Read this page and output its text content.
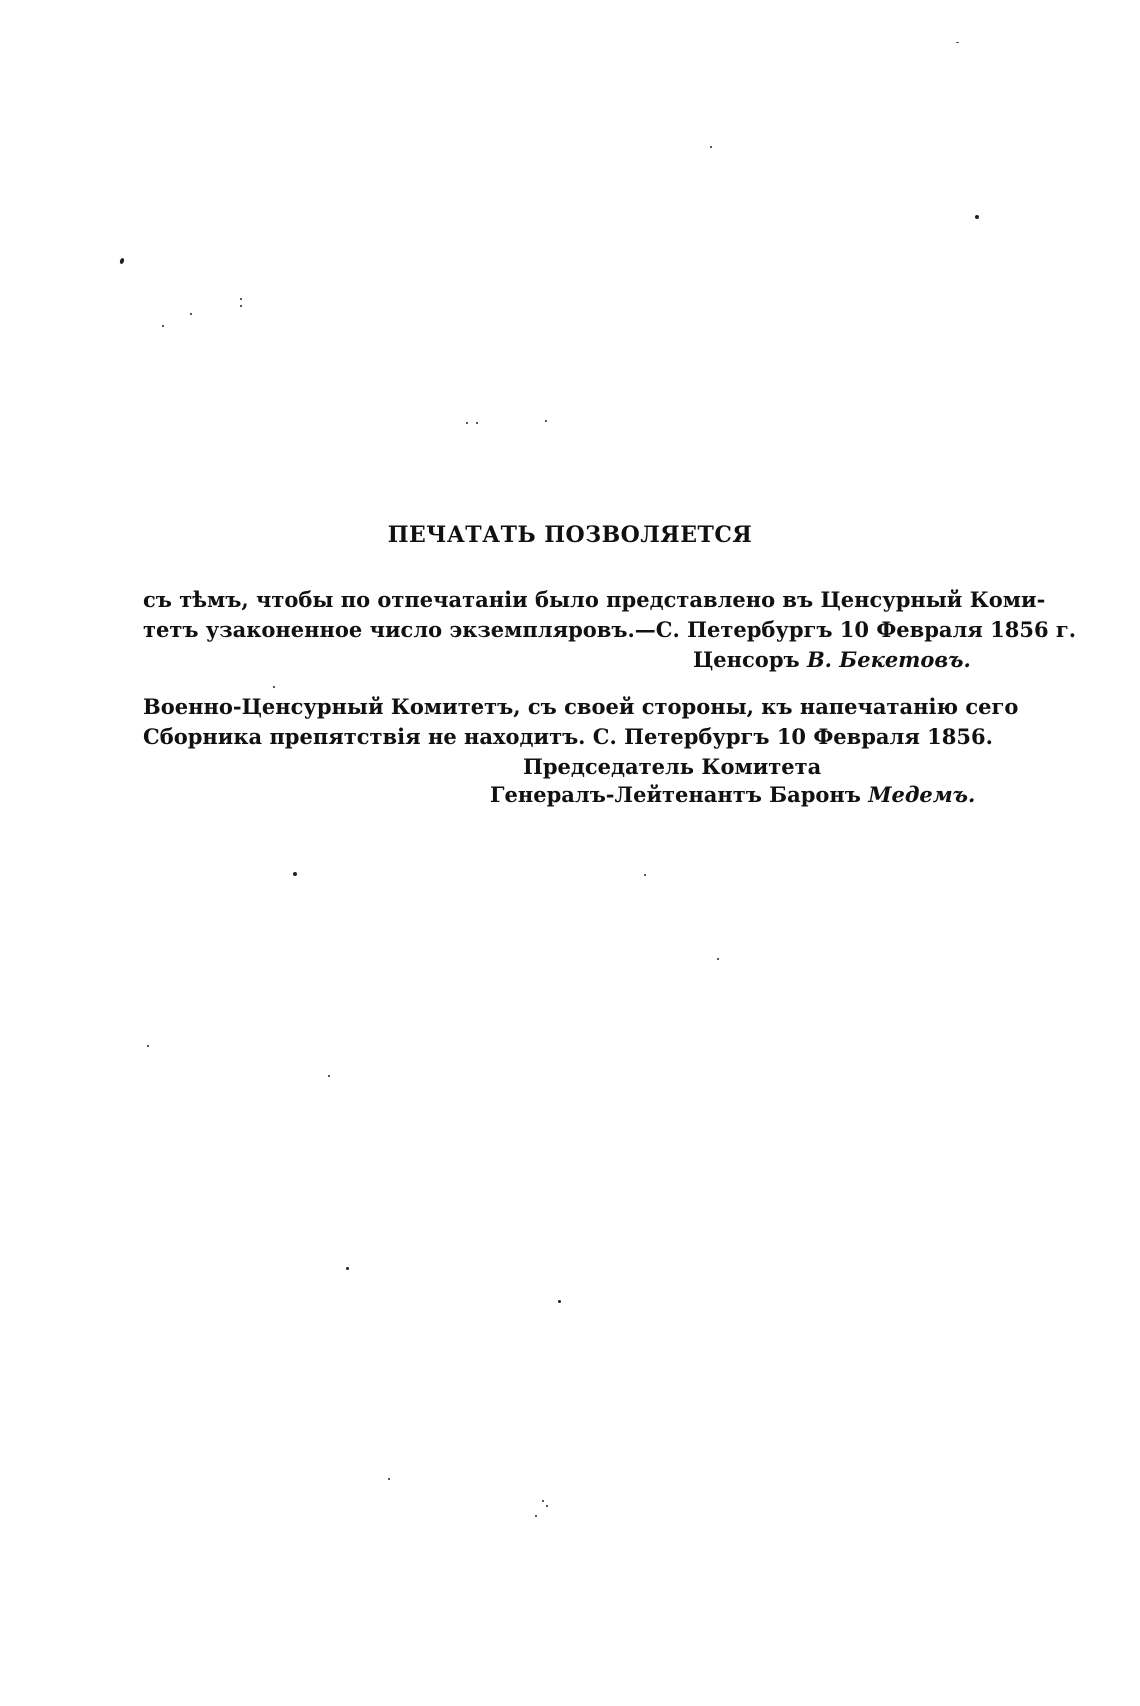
ПЕЧАТАТЬ ПОЗВОЛЯЕТСЯ
съ тѣмъ, чтобы по отпечатанiи было представлено въ Ценсурный Коми-
тетъ узаконенное число экземпляровъ.—С. Петербургъ 10 Февраля 1856 г.
Ценсоръ В. Бекетовъ.
Военно-Ценсурный Комитетъ, съ своей стороны, къ напечатанiю сего
Сборника препятствiя не находитъ. С. Петербургъ 10 Февраля 1856.
Председатель Комитета
Генералъ-Лейтенантъ Баронъ Медемъ.
